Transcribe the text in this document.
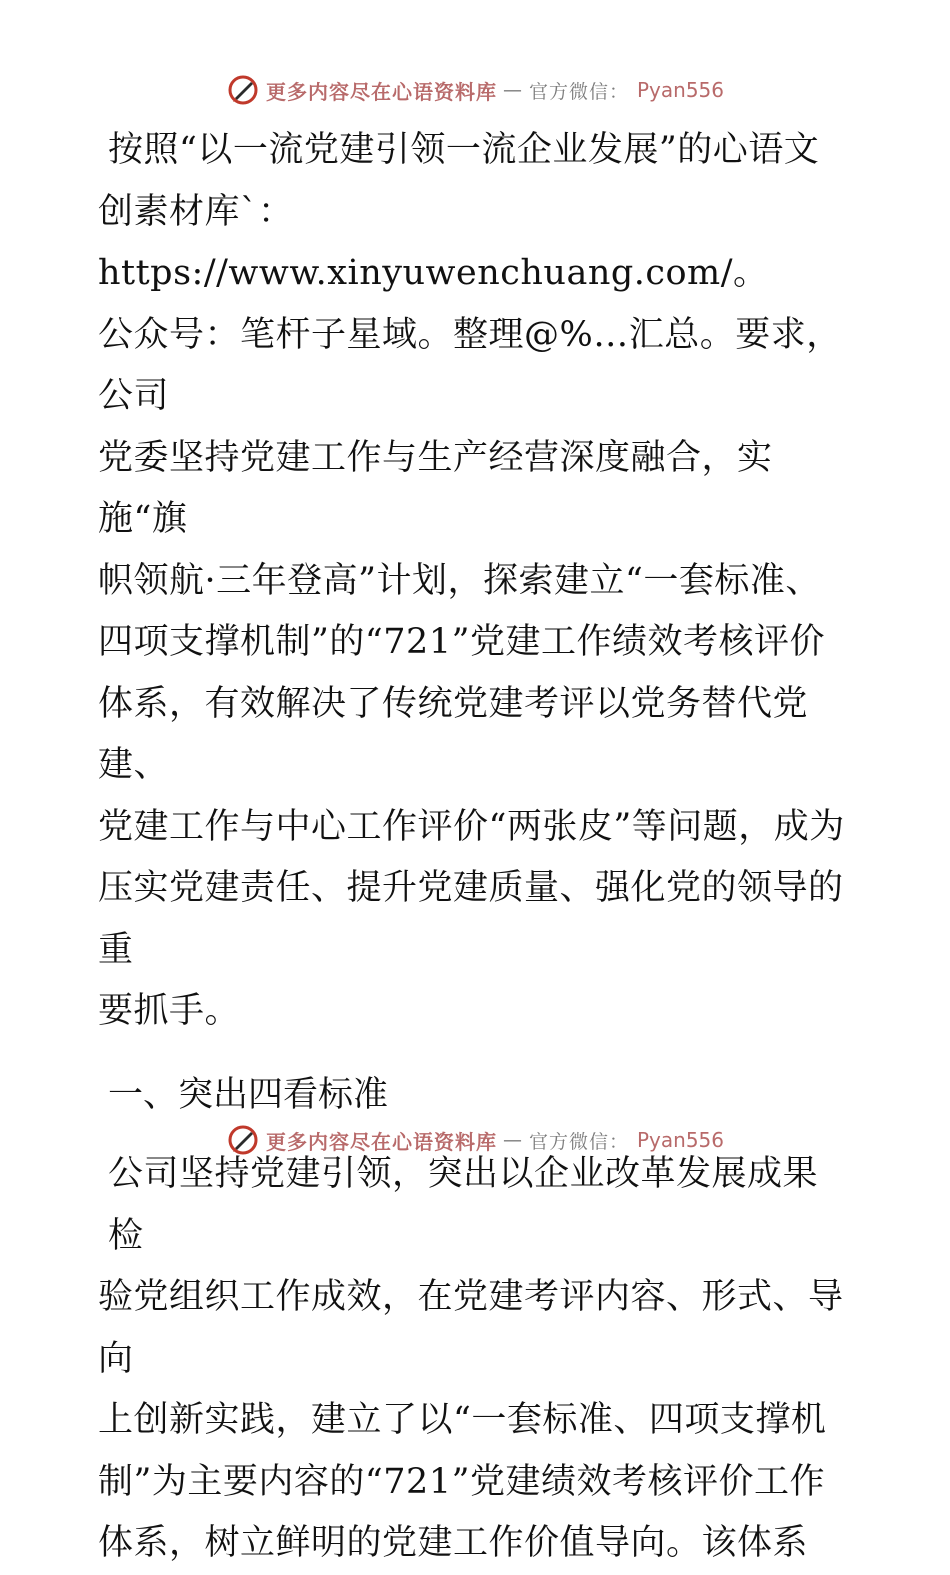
更多内容尽在心语资料库 — 官方微信： Pyan556
按照“以一流党建引领一流企业发展”的心语文
创素材库`：https://www.xinyuwenchuang.com/。
公众号：笔杆子星域。整理@%…汇总。要求，公司
党委坚持党建工作与生产经营深度融合，实施“旗
帜领航·三年登高”计划，探索建立“一套标准、
四项支撑机制”的“721”党建工作绩效考核评价
体系，有效解决了传统党建考评以党务替代党建、
党建工作与中心工作评价“两张皮”等问题，成为
压实党建责任、提升党建质量、强化党的领导的重
要抓手。
一、突出四看标准
公司坚持党建引领，突出以企业改革发展成果检
验党组织工作成效，在党建考评内容、形式、导向
上创新实践，建立了以“一套标准、四项支撑机
制”为主要内容的“721”党建绩效考核评价工作
体系，树立鲜明的党建工作价值导向。该体系
更多内容尽在心语资料库 — 官方微信： Pyan556
